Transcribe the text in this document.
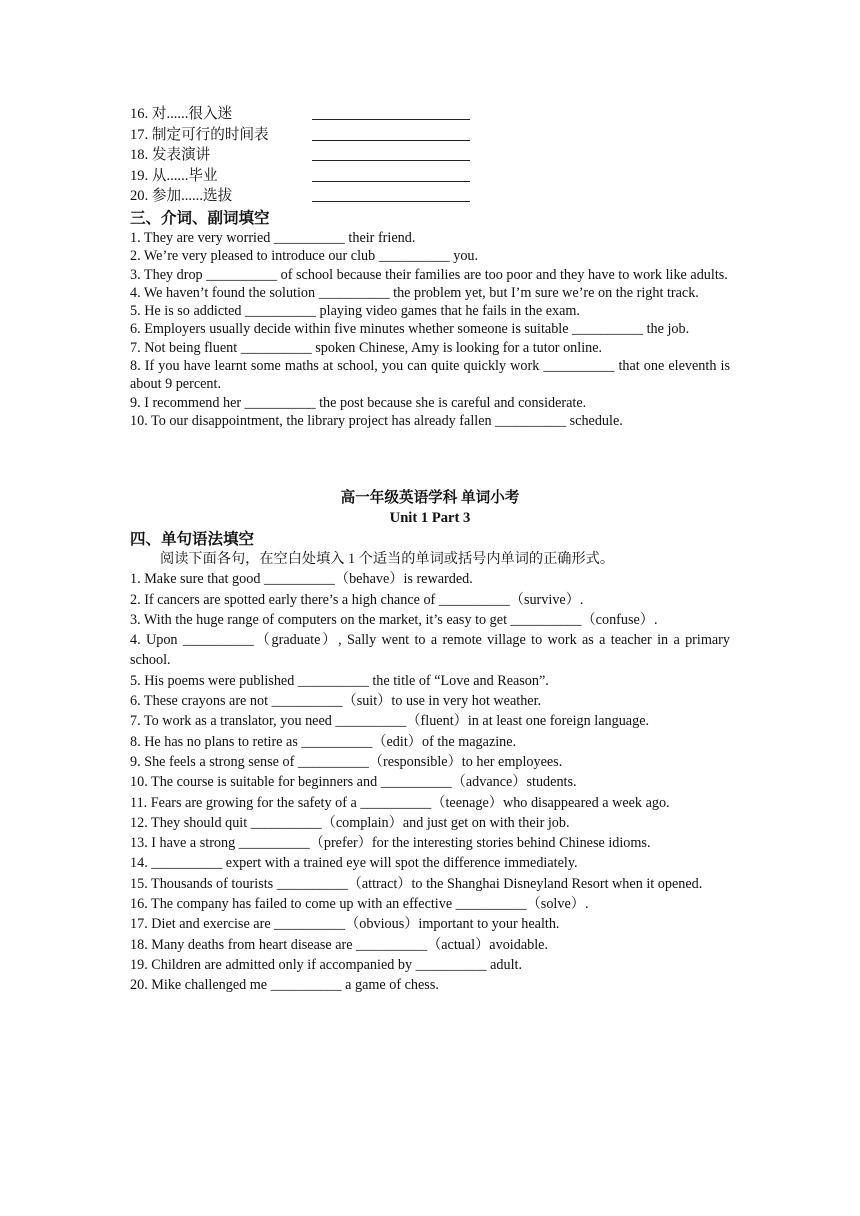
16. 对......很入迷
17. 制定可行的时间表
18. 发表演讲
19. 从......毕业
20. 参加......选拔
三、介词、副词填空
1. They are very worried __________ their friend.
2. We’re very pleased to introduce our club __________ you.
3. They drop __________ of school because their families are too poor and they have to work like adults.
4. We haven’t found the solution __________ the problem yet, but I’m sure we’re on the right track.
5. He is so addicted __________ playing video games that he fails in the exam.
6. Employers usually decide within five minutes whether someone is suitable __________ the job.
7. Not being fluent __________ spoken Chinese, Amy is looking for a tutor online.
8. If you have learnt some maths at school, you can quite quickly work __________ that one eleventh is about 9 percent.
9. I recommend her __________ the post because she is careful and considerate.
10. To our disappointment, the library project has already fallen __________ schedule.
高一年级英语学科 单词小考
Unit 1 Part 3
四、单句语法填空
阅读下面各句，在空白处填入 1 个适当的单词或括号内单词的正确形式。
1. Make sure that good __________（behave）is rewarded.
2. If cancers are spotted early there’s a high chance of __________（survive）.
3. With the huge range of computers on the market, it’s easy to get __________（confuse）.
4. Upon __________（graduate）, Sally went to a remote village to work as a teacher in a primary school.
5. His poems were published __________ the title of “Love and Reason”.
6. These crayons are not __________（suit）to use in very hot weather.
7. To work as a translator, you need __________（fluent）in at least one foreign language.
8. He has no plans to retire as __________（edit）of the magazine.
9. She feels a strong sense of __________（responsible）to her employees.
10. The course is suitable for beginners and __________（advance）students.
11. Fears are growing for the safety of a __________（teenage）who disappeared a week ago.
12. They should quit __________（complain）and just get on with their job.
13. I have a strong __________（prefer）for the interesting stories behind Chinese idioms.
14. __________ expert with a trained eye will spot the difference immediately.
15. Thousands of tourists __________（attract）to the Shanghai Disneyland Resort when it opened.
16. The company has failed to come up with an effective __________（solve）.
17. Diet and exercise are __________（obvious）important to your health.
18. Many deaths from heart disease are __________（actual）avoidable.
19. Children are admitted only if accompanied by __________ adult.
20. Mike challenged me __________ a game of chess.
